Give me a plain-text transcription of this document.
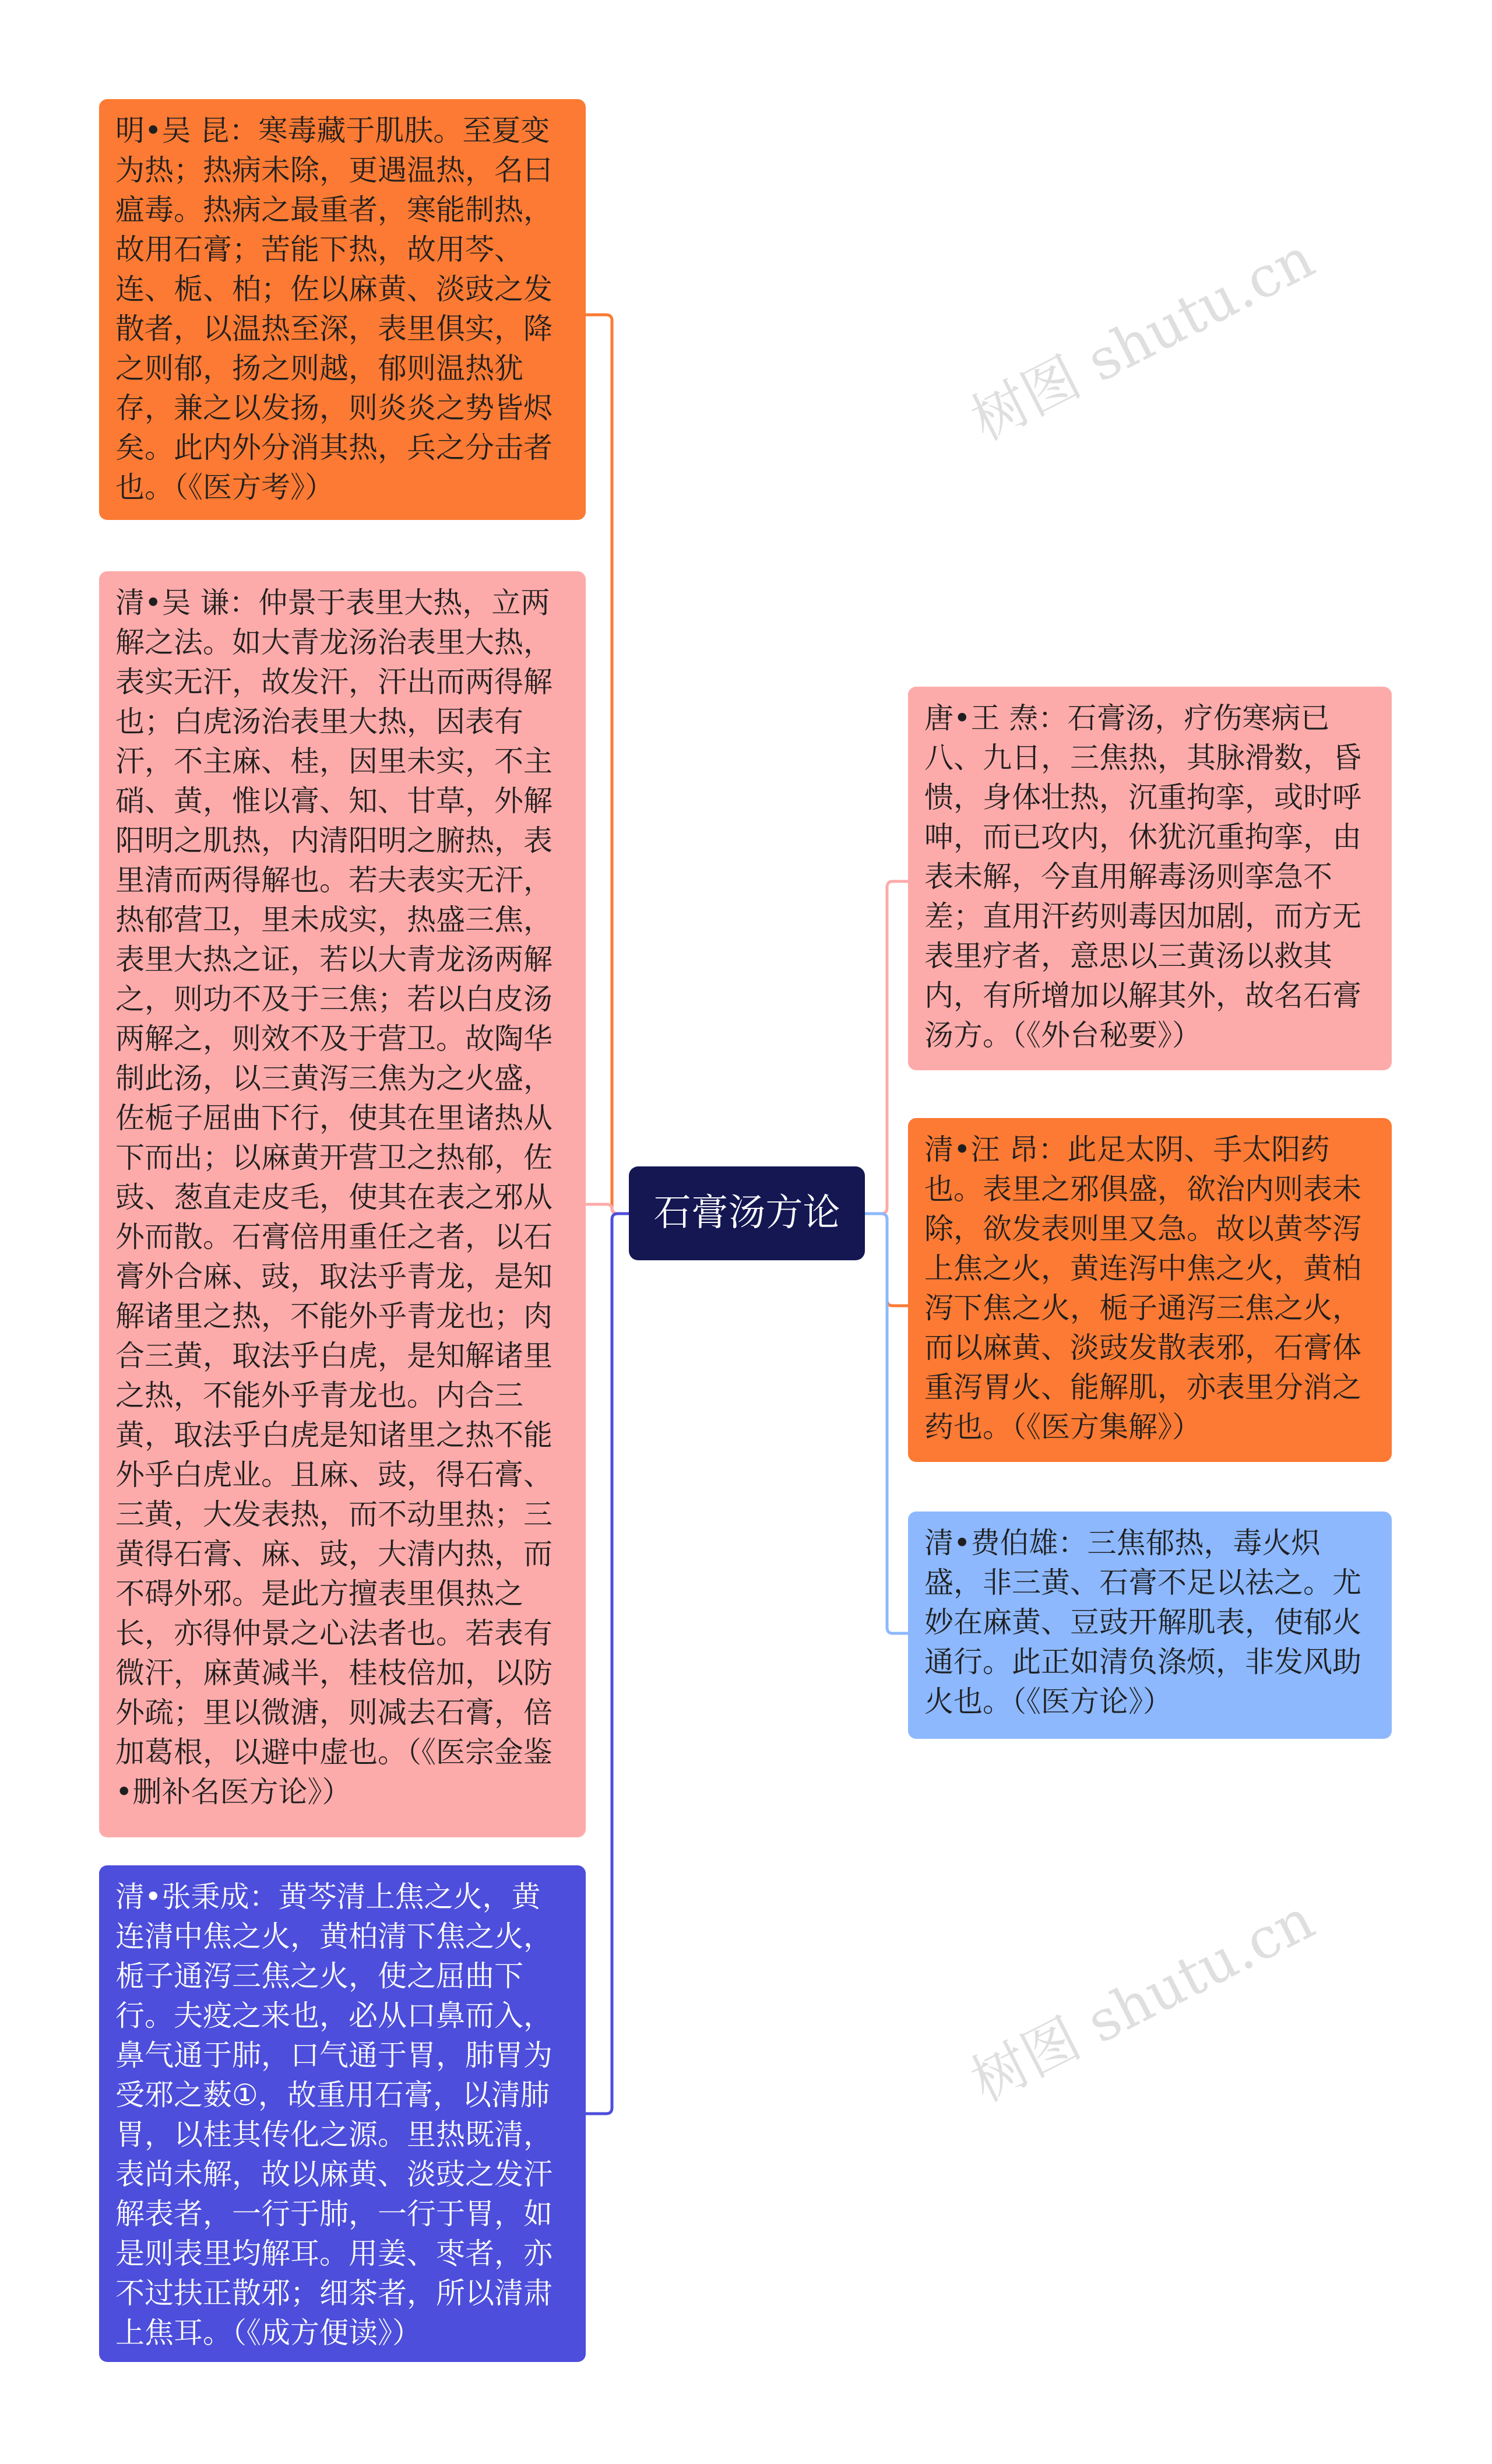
明•吴 昆：寒毒藏于肌肤。至夏变为热；热病未除，更遇温热，名曰瘟毒。热病之最重者，寒能制热，故用石膏；苦能下热，故用芩、连、栀、柏；佐以麻黄、淡豉之发散者，以温热至深，表里俱实，降之则郁，扬之则越，郁则温热犹存，兼之以发扬，则炎炎之势皆烬矣。此内外分消其热，兵之分击者也。（《医方考》）
清•吴 谦：仲景于表里大热，立两解之法。如大青龙汤治表里大热，表实无汗，故发汗，汗出而两得解也；白虎汤治表里大热，因表有汗，不主麻、桂，因里未实，不主硝、黄，惟以膏、知、甘草，外解阳明之肌热，内清阳明之腑热，表里清而两得解也。若夫表实无汗，热郁营卫，里未成实，热盛三焦，表里大热之证，若以大青龙汤两解之，则功不及于三焦；若以白皮汤两解之，则效不及于营卫。故陶华制此汤，以三黄泻三焦为之火盛，佐栀子屈曲下行，使其在里诸热从下而出；以麻黄开营卫之热郁，佐豉、葱直走皮毛，使其在表之邪从外而散。石膏倍用重任之者，以石膏外合麻、豉，取法乎青龙，是知解诸里之热，不能外乎青龙也；肉合三黄，取法乎白虎，是知解诸里之热，不能外乎青龙也。内合三黄，取法乎白虎是知诸里之热不能外乎白虎业。且麻、豉，得石膏、三黄，大发表热，而不动里热；三黄得石膏、麻、豉，大清内热，而不碍外邪。是此方擅表里俱热之长，亦得仲景之心法者也。若表有微汗，麻黄减半，桂枝倍加，以防外疏；里以微溏，则减去石膏，倍加葛根，以避中虚也。（《医宗金鉴•删补名医方论》）
清•张秉成：黄芩清上焦之火，黄连清中焦之火，黄柏清下焦之火，栀子通泻三焦之火，使之屈曲下行。夫疫之来也，必从口鼻而入，鼻气通于肺，口气通于胃，肺胃为受邪之薮①，故重用石膏，以清肺胃，以桂其传化之源。里热既清，表尚未解，故以麻黄、淡豉之发汗解表者，一行于肺，一行于胃，如是则表里均解耳。用姜、枣者，亦不过扶正散邪；细茶者，所以清肃上焦耳。（《成方便读》）
石膏汤方论
唐•王 焘：石膏汤，疗伤寒病已八、九日，三焦热，其脉滑数，昏愦，身体壮热，沉重拘挛，或时呼呻，而已攻内，休犹沉重拘挛，由表未解，今直用解毒汤则挛急不差；直用汗药则毒因加剧，而方无表里疗者，意思以三黄汤以救其内，有所增加以解其外，故名石膏汤方。（《外台秘要》）
清•汪 昂：此足太阴、手太阳药也。表里之邪俱盛，欲治内则表未除，欲发表则里又急。故以黄芩泻上焦之火，黄连泻中焦之火，黄柏泻下焦之火，栀子通泻三焦之火，而以麻黄、淡豉发散表邪，石膏体重泻胃火、能解肌，亦表里分消之药也。（《医方集解》）
清•费伯雄：三焦郁热，毒火炽盛，非三黄、石膏不足以祛之。尤妙在麻黄、豆豉开解肌表，使郁火通行。此正如清负涤烦，非发风助火也。（《医方论》）
树图 shutu.cn
树图 shutu.cn
